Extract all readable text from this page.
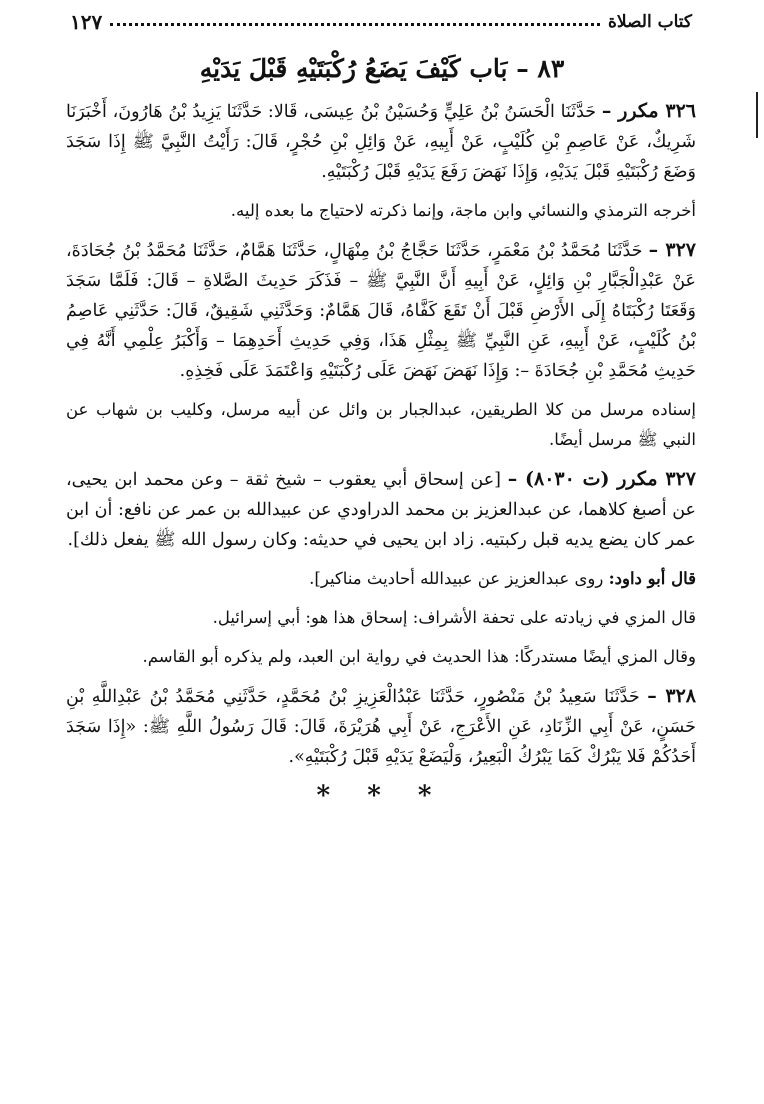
كتاب الصلاة
١٢٧
٨٣ – بَاب كَيْفَ يَضَعُ رُكْبَتَيْهِ قَبْلَ يَدَيْهِ

٣٢٦ مكرر – حَدَّثَنَا الْحَسَنُ بْنُ عَلِيٍّ وَحُسَيْنُ بْنُ عِيسَى، قَالا: حَدَّثَنَا يَزِيدُ بْنُ هَارُونَ، أَخْبَرَنَا شَرِيكٌ، عَنْ عَاصِمِ بْنِ كُلَيْبٍ، عَنْ أَبِيهِ، عَنْ وَائِلِ بْنِ حُجْرٍ، قَالَ: رَأَيْتُ النَّبِيَّ ﷺ إِذَا سَجَدَ وَضَعَ رُكْبَتَيْهِ قَبْلَ يَدَيْهِ، وَإِذَا نَهَضَ رَفَعَ يَدَيْهِ قَبْلَ رُكْبَتَيْهِ.

أخرجه الترمذي والنسائي وابن ماجة، وإنما ذكرته لاحتياج ما بعده إليه.

٣٢٧ – حَدَّثَنَا مُحَمَّدُ بْنُ مَعْمَرٍ، حَدَّثَنَا حَجَّاجُ بْنُ مِنْهَالٍ، حَدَّثَنَا هَمَّامٌ، حَدَّثَنَا مُحَمَّدُ بْنُ جُحَادَةَ، عَنْ عَبْدِالْجَبَّارِ بْنِ وَائِلٍ، عَنْ أَبِيهِ أَنَّ النَّبِيَّ ﷺ – فَذَكَرَ حَدِيثَ الصَّلاةِ – قَالَ: فَلَمَّا سَجَدَ وَقَعَتَا رُكْبَتَاهُ إِلَى الأَرْضِ قَبْلَ أَنْ تَقَعَ كَفَّاهُ، قَالَ هَمَّامٌ: وَحَدَّثَنِي شَقِيقٌ، قَالَ: حَدَّثَنِي عَاصِمُ بْنُ كُلَيْبٍ، عَنْ أَبِيهِ، عَنِ النَّبِيِّ ﷺ بِمِثْلِ هَذَا، وَفِي حَدِيثِ أَحَدِهِمَا – وَأَكْبَرُ عِلْمِي أَنَّهُ فِي حَدِيثِ مُحَمَّدِ بْنِ جُحَادَةَ –: وَإِذَا نَهَضَ نَهَضَ عَلَى رُكْبَتَيْهِ وَاعْتَمَدَ عَلَى فَخِذِهِ.

إسناده مرسل من كلا الطريقين، عبدالجبار بن وائل عن أبيه مرسل، وكليب بن شهاب عن النبي ﷺ مرسل أيضًا.

٣٢٧ مكرر (ت ٨٠٣٠) – [عن إسحاق أبي يعقوب – شيخ ثقة – وعن محمد ابن يحيى، عن أصبغ كلاهما، عن عبدالعزيز بن محمد الدراودي عن عبيدالله بن عمر عن نافع: أن ابن عمر كان يضع يديه قبل ركبتيه. زاد ابن يحيى في حديثه: وكان رسول الله ﷺ يفعل ذلك].

قال أبو داود: روى عبدالعزيز عن عبيدالله أحاديث مناكير].

قال المزي في زيادته على تحفة الأشراف: إسحاق هذا هو: أبي إسرائيل.

وقال المزي أيضًا مستدركًا: هذا الحديث في رواية ابن العبد، ولم يذكره أبو القاسم.

٣٢٨ – حَدَّثَنَا سَعِيدُ بْنُ مَنْصُورٍ، حَدَّثَنَا عَبْدُالْعَزِيزِ بْنُ مُحَمَّدٍ، حَدَّثَنِي مُحَمَّدُ بْنُ عَبْدِاللَّهِ بْنِ حَسَنٍ، عَنْ أَبِي الزِّنَادِ، عَنِ الأَعْرَجِ، عَنْ أَبِي هُرَيْرَةَ، قَالَ: قَالَ رَسُولُ اللَّهِ ﷺ: «إِذَا سَجَدَ أَحَدُكُمْ فَلا يَبْرُكْ كَمَا يَبْرُكُ الْبَعِيرُ، وَلْيَضَعْ يَدَيْهِ قَبْلَ رُكْبَتَيْهِ».

* * *
